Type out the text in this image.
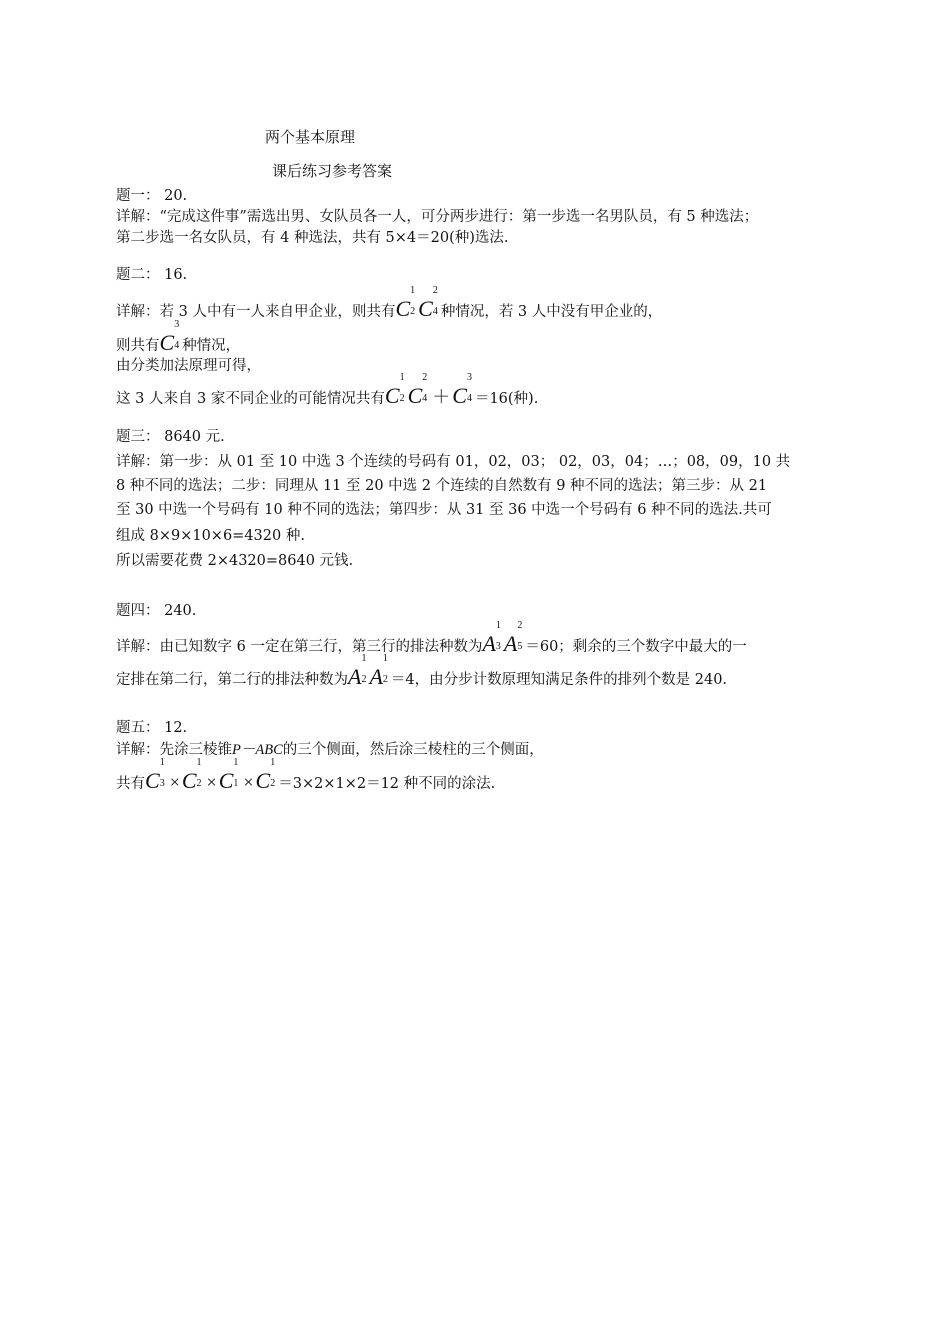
两个基本原理
课后练习参考答案
题一： 20.
详解：“完成这件事”需选出男、女队员各一人，可分两步进行：第一步选一名男队员，有 5 种选法；
第二步选一名女队员，有 4 种选法，共有 5×4＝20(种)选法.
题二： 16.
详解：若 3 人中有一人来自甲企业，则共有C
1
2 C
2
4 种情况，若 3 人中没有甲企业的，
则共有C
3
4 种情况，
由分类加法原理可得，
这 3 人来自 3 家不同企业的可能情况共有C
1
2 C
2
4 ＋C
3
4 ＝16(种).
题三： 8640 元.
详解：第一步：从 01 至 10 中选 3 个连续的号码有 01，02，03； 02，03，04；…；08，09，10 共
8 种不同的选法；二步：同理从 11 至 20 中选 2 个连续的自然数有 9 种不同的选法；第三步：从 21
至 30 中选一个号码有 10 种不同的选法；第四步：从 31 至 36 中选一个号码有 6 种不同的选法.共可
组成 8×9×10×6=4320 种.
所以需要花费 2×4320=8640 元钱.
题四： 240.
详解：由已知数字 6 一定在第三行，第三行的排法种数为A
1
3 A
2
5 ＝60；剩余的三个数字中最大的一
定排在第二行，第二行的排法种数为A
1
2 A
1
2 ＝4，由分步计数原理知满足条件的排列个数是 240.
题五： 12.
详解：先涂三棱锥P－ABC的三个侧面，然后涂三棱柱的三个侧面，
共有C
1
3 ×C
1
2 ×C
1
1 ×C
1
2 ＝3×2×1×2＝12 种不同的涂法.
